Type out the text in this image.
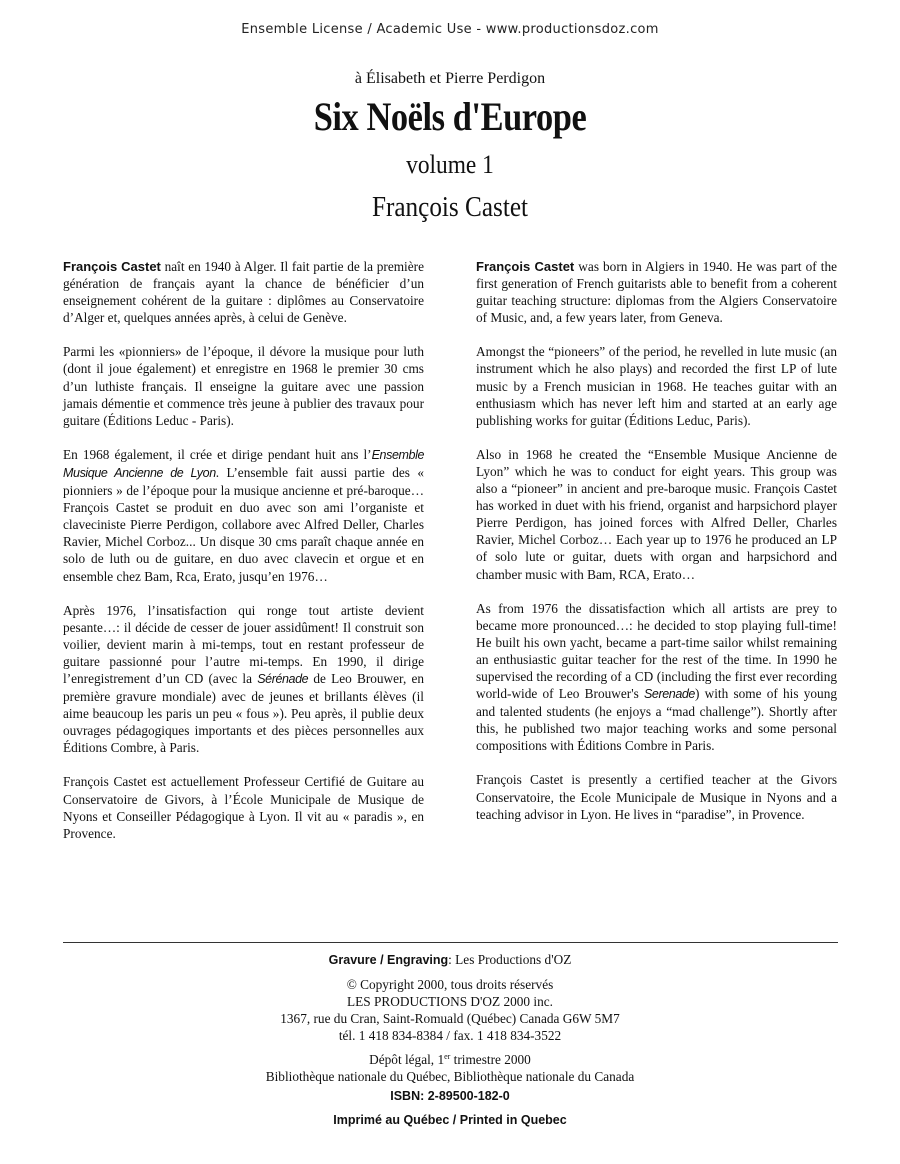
Ensemble License / Academic Use - www.productionsdoz.com
à Élisabeth et Pierre Perdigon
Six Noëls d'Europe
volume 1
François Castet

François Castet naît en 1940 à Alger. Il fait partie de la première génération de français ayant la chance de bénéficier d’un enseignement cohérent de la guitare : diplômes au Conservatoire d’Alger et, quelques années après, à celui de Genève.

Parmi les «pionniers» de l’époque, il dévore la musique pour luth (dont il joue également) et enregistre en 1968 le premier 30 cms d’un luthiste français. Il enseigne la guitare avec une passion jamais démentie et commence très jeune à publier des travaux pour guitare (Éditions Leduc - Paris).

En 1968 également, il crée et dirige pendant huit ans l’Ensemble Musique Ancienne de Lyon. L’ensemble fait aussi partie des « pionniers » de l’époque pour la musique ancienne et pré-baroque… François Castet se produit en duo avec son ami l’organiste et claveciniste Pierre Perdigon, collabore avec Alfred Deller, Charles Ravier, Michel Corboz... Un disque 30 cms paraît chaque année en solo de luth ou de guitare, en duo avec clavecin et orgue et en ensemble chez Bam, Rca, Erato, jusqu’en 1976…

Après 1976, l’insatisfaction qui ronge tout artiste devient pesante…: il décide de cesser de jouer assidûment! Il construit son voilier, devient marin à mi-temps, tout en restant professeur de guitare passionné pour l’autre mi-temps. En 1990, il dirige l’enregistrement d’un CD (avec la Sérénade de Leo Brouwer, en première gravure mondiale) avec de jeunes et brillants élèves (il aime beaucoup les paris un peu « fous »). Peu après, il publie deux ouvrages pédagogiques importants et des pièces personnelles aux Éditions Combre, à Paris.

François Castet est actuellement Professeur Certifié de Guitare au Conservatoire de Givors, à l’École Municipale de Musique de Nyons et Conseiller Pédagogique à Lyon. Il vit au « paradis », en Provence.

François Castet was born in Algiers in 1940. He was part of the first generation of French guitarists able to benefit from a coherent guitar teaching structure: diplomas from the Algiers Conservatoire of Music, and, a few years later, from Geneva.

Amongst the “pioneers” of the period, he revelled in lute music (an instrument which he also plays) and recorded the first LP of lute music by a French musician in 1968. He teaches guitar with an enthusiasm which has never left him and started at an early age publishing works for guitar (Éditions Leduc, Paris).

Also in 1968 he created the “Ensemble Musique Ancienne de Lyon” which he was to conduct for eight years. This group was also a “pioneer” in ancient and pre-baroque music. François Castet has worked in duet with his friend, organist and harpsichord player Pierre Perdigon, has joined forces with Alfred Deller, Charles Ravier, Michel Corboz… Each year up to 1976 he produced an LP of solo lute or guitar, duets with organ and harpsichord and chamber music with Bam, RCA, Erato…

As from 1976 the dissatisfaction which all artists are prey to became more pronounced…: he decided to stop playing full-time! He built his own yacht, became a part-time sailor whilst remaining an enthusiastic guitar teacher for the rest of the time. In 1990 he supervised the recording of a CD (including the first ever recording world-wide of Leo Brouwer's Serenade) with some of his young and talented students (he enjoys a “mad challenge”). Shortly after this, he published two major teaching works and some personal compositions with Éditions Combre in Paris.

François Castet is presently a certified teacher at the Givors Conservatoire, the Ecole Municipale de Musique in Nyons and a teaching advisor in Lyon. He lives in “paradise”, in Provence.

Gravure / Engraving: Les Productions d'OZ
© Copyright 2000, tous droits réservés
LES PRODUCTIONS D'OZ 2000 inc.
1367, rue du Cran, Saint-Romuald (Québec) Canada G6W 5M7
tél. 1 418 834-8384 / fax. 1 418 834-3522
Dépôt légal, 1er trimestre 2000
Bibliothèque nationale du Québec, Bibliothèque nationale du Canada
ISBN: 2-89500-182-0
Imprimé au Québec / Printed in Quebec
